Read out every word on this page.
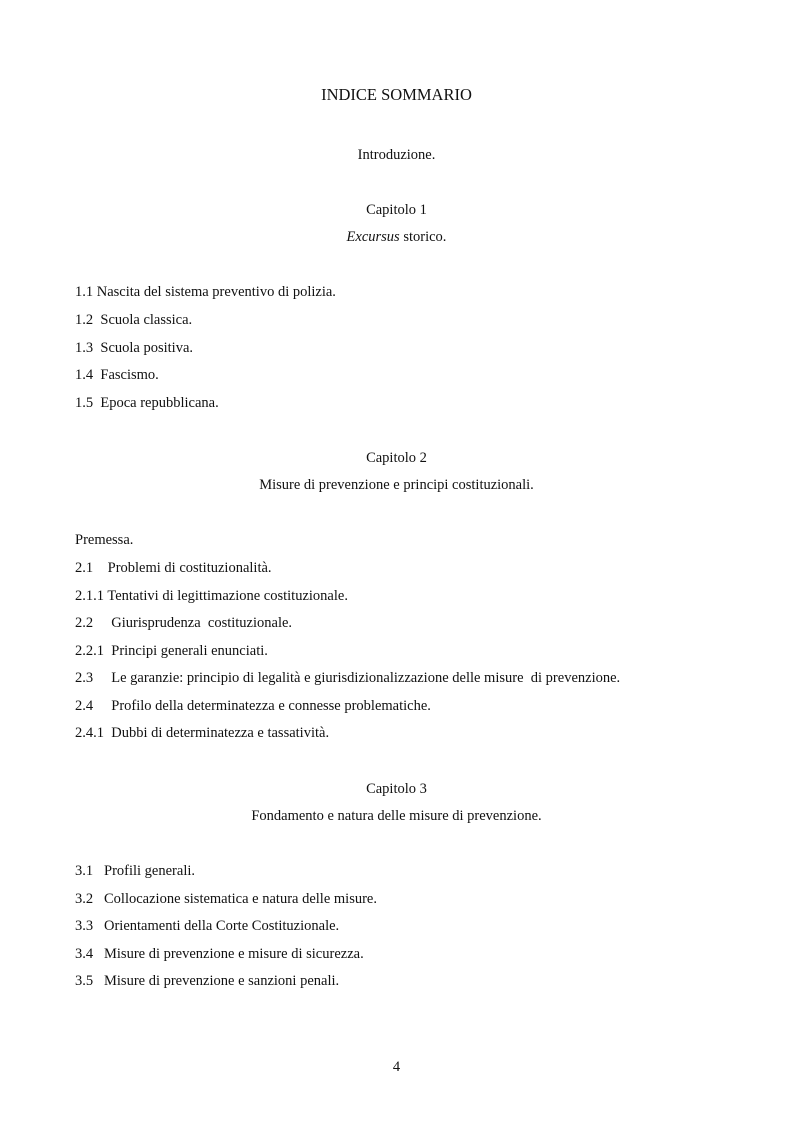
INDICE SOMMARIO
Introduzione.
Capitolo 1
Excursus storico.
1.1 Nascita del sistema preventivo di polizia.
1.2  Scuola classica.
1.3  Scuola positiva.
1.4  Fascismo.
1.5  Epoca repubblicana.
Capitolo 2
Misure di prevenzione e principi costituzionali.
Premessa.
2.1    Problemi di costituzionalità.
2.1.1 Tentativi di legittimazione costituzionale.
2.2     Giurisprudenza  costituzionale.
2.2.1  Principi generali enunciati.
2.3     Le garanzie: principio di legalità e giurisdizionalizzazione delle misure  di prevenzione.
2.4     Profilo della determinatezza e connesse problematiche.
2.4.1  Dubbi di determinatezza e tassatività.
Capitolo 3
Fondamento e natura delle misure di prevenzione.
3.1   Profili generali.
3.2   Collocazione sistematica e natura delle misure.
3.3   Orientamenti della Corte Costituzionale.
3.4   Misure di prevenzione e misure di sicurezza.
3.5   Misure di prevenzione e sanzioni penali.
4
